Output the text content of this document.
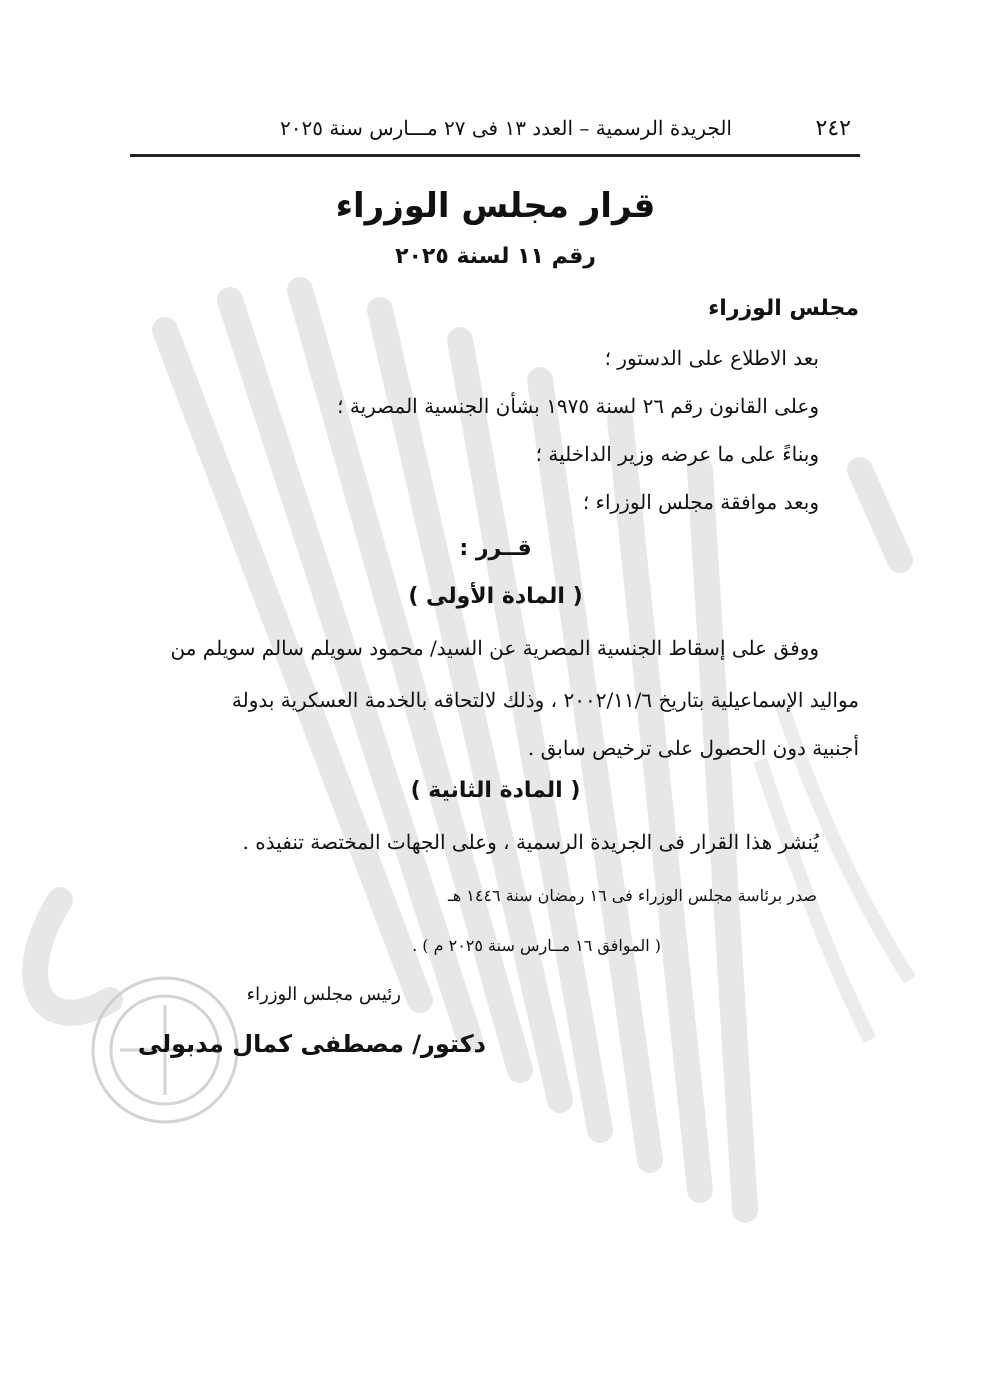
٢٤٢
الجريدة الرسمية – العدد ١٣ فى ٢٧ مـــارس سنة ٢٠٢٥
قرار مجلس الوزراء
رقم ١١ لسنة ٢٠٢٥
مجلس الوزراء
بعد الاطلاع على الدستور ؛
وعلى القانون رقم ٢٦ لسنة ١٩٧٥ بشأن الجنسية المصرية ؛
وبناءً على ما عرضه وزير الداخلية ؛
وبعد موافقة مجلس الوزراء ؛
قــرر :
( المادة الأولى )
ووفق على إسقاط الجنسية المصرية عن السيد/ محمود سويلم سالم سويلم من
مواليد الإسماعيلية بتاريخ ٢٠٠٢/١١/٦ ، وذلك لالتحاقه بالخدمة العسكرية بدولة
أجنبية دون الحصول على ترخيص سابق .
( المادة الثانية )
يُنشر هذا القرار فى الجريدة الرسمية ، وعلى الجهات المختصة تنفيذه .
صدر برئاسة مجلس الوزراء فى ١٦ رمضان سنة ١٤٤٦ هـ
( الموافق ١٦ مــارس سنة ٢٠٢٥ م ) .
رئيس مجلس الوزراء
دكتور/ مصطفى كمال مدبولى
